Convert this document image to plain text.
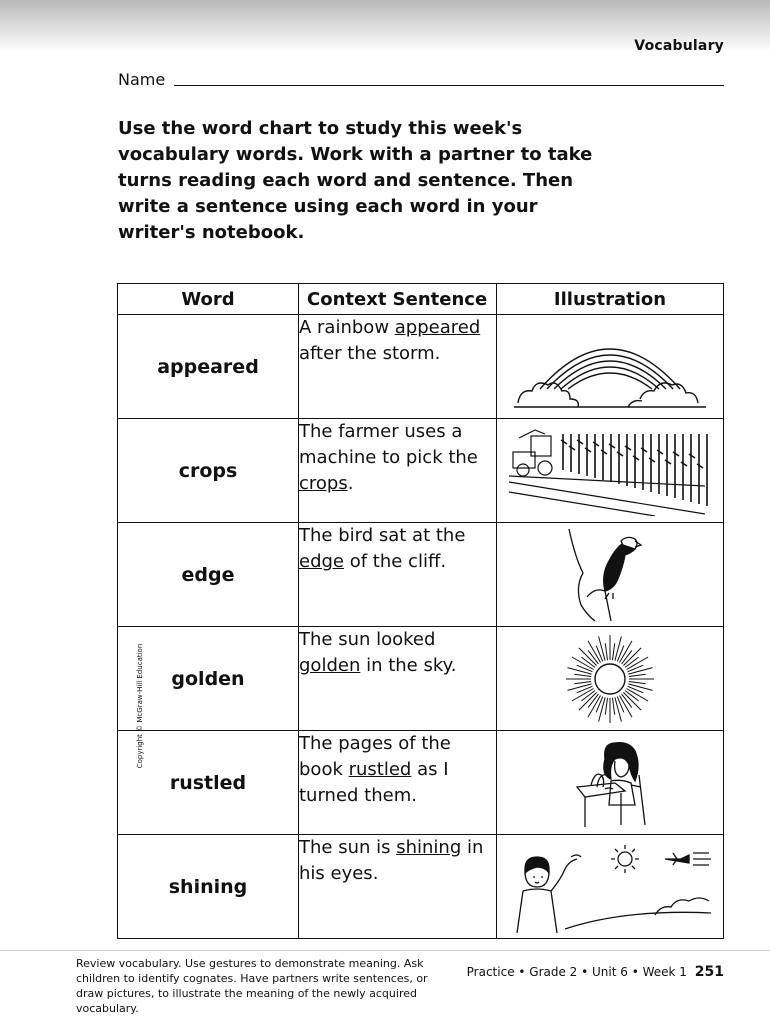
Vocabulary
Name
Use the word chart to study this week's vocabulary words. Work with a partner to take turns reading each word and sentence. Then write a sentence using each word in your writer's notebook.
Word	Context Sentence	Illustration
appeared	A rainbow appeared after the storm.	

crops	The farmer uses a machine to pick the crops.	

edge	The bird sat at the edge of the cliff.	

golden	The sun looked golden in the sky.	

rustled	The pages of the book rustled as I turned them.	

shining	The sun is shining in his eyes.	
Copyright © McGraw-Hill Education
Review vocabulary. Use gestures to demonstrate meaning. Ask children to identify cognates. Have partners write sentences, or draw pictures, to illustrate the meaning of the newly acquired vocabulary.
Practice • Grade 2 • Unit 6 • Week 1 251
